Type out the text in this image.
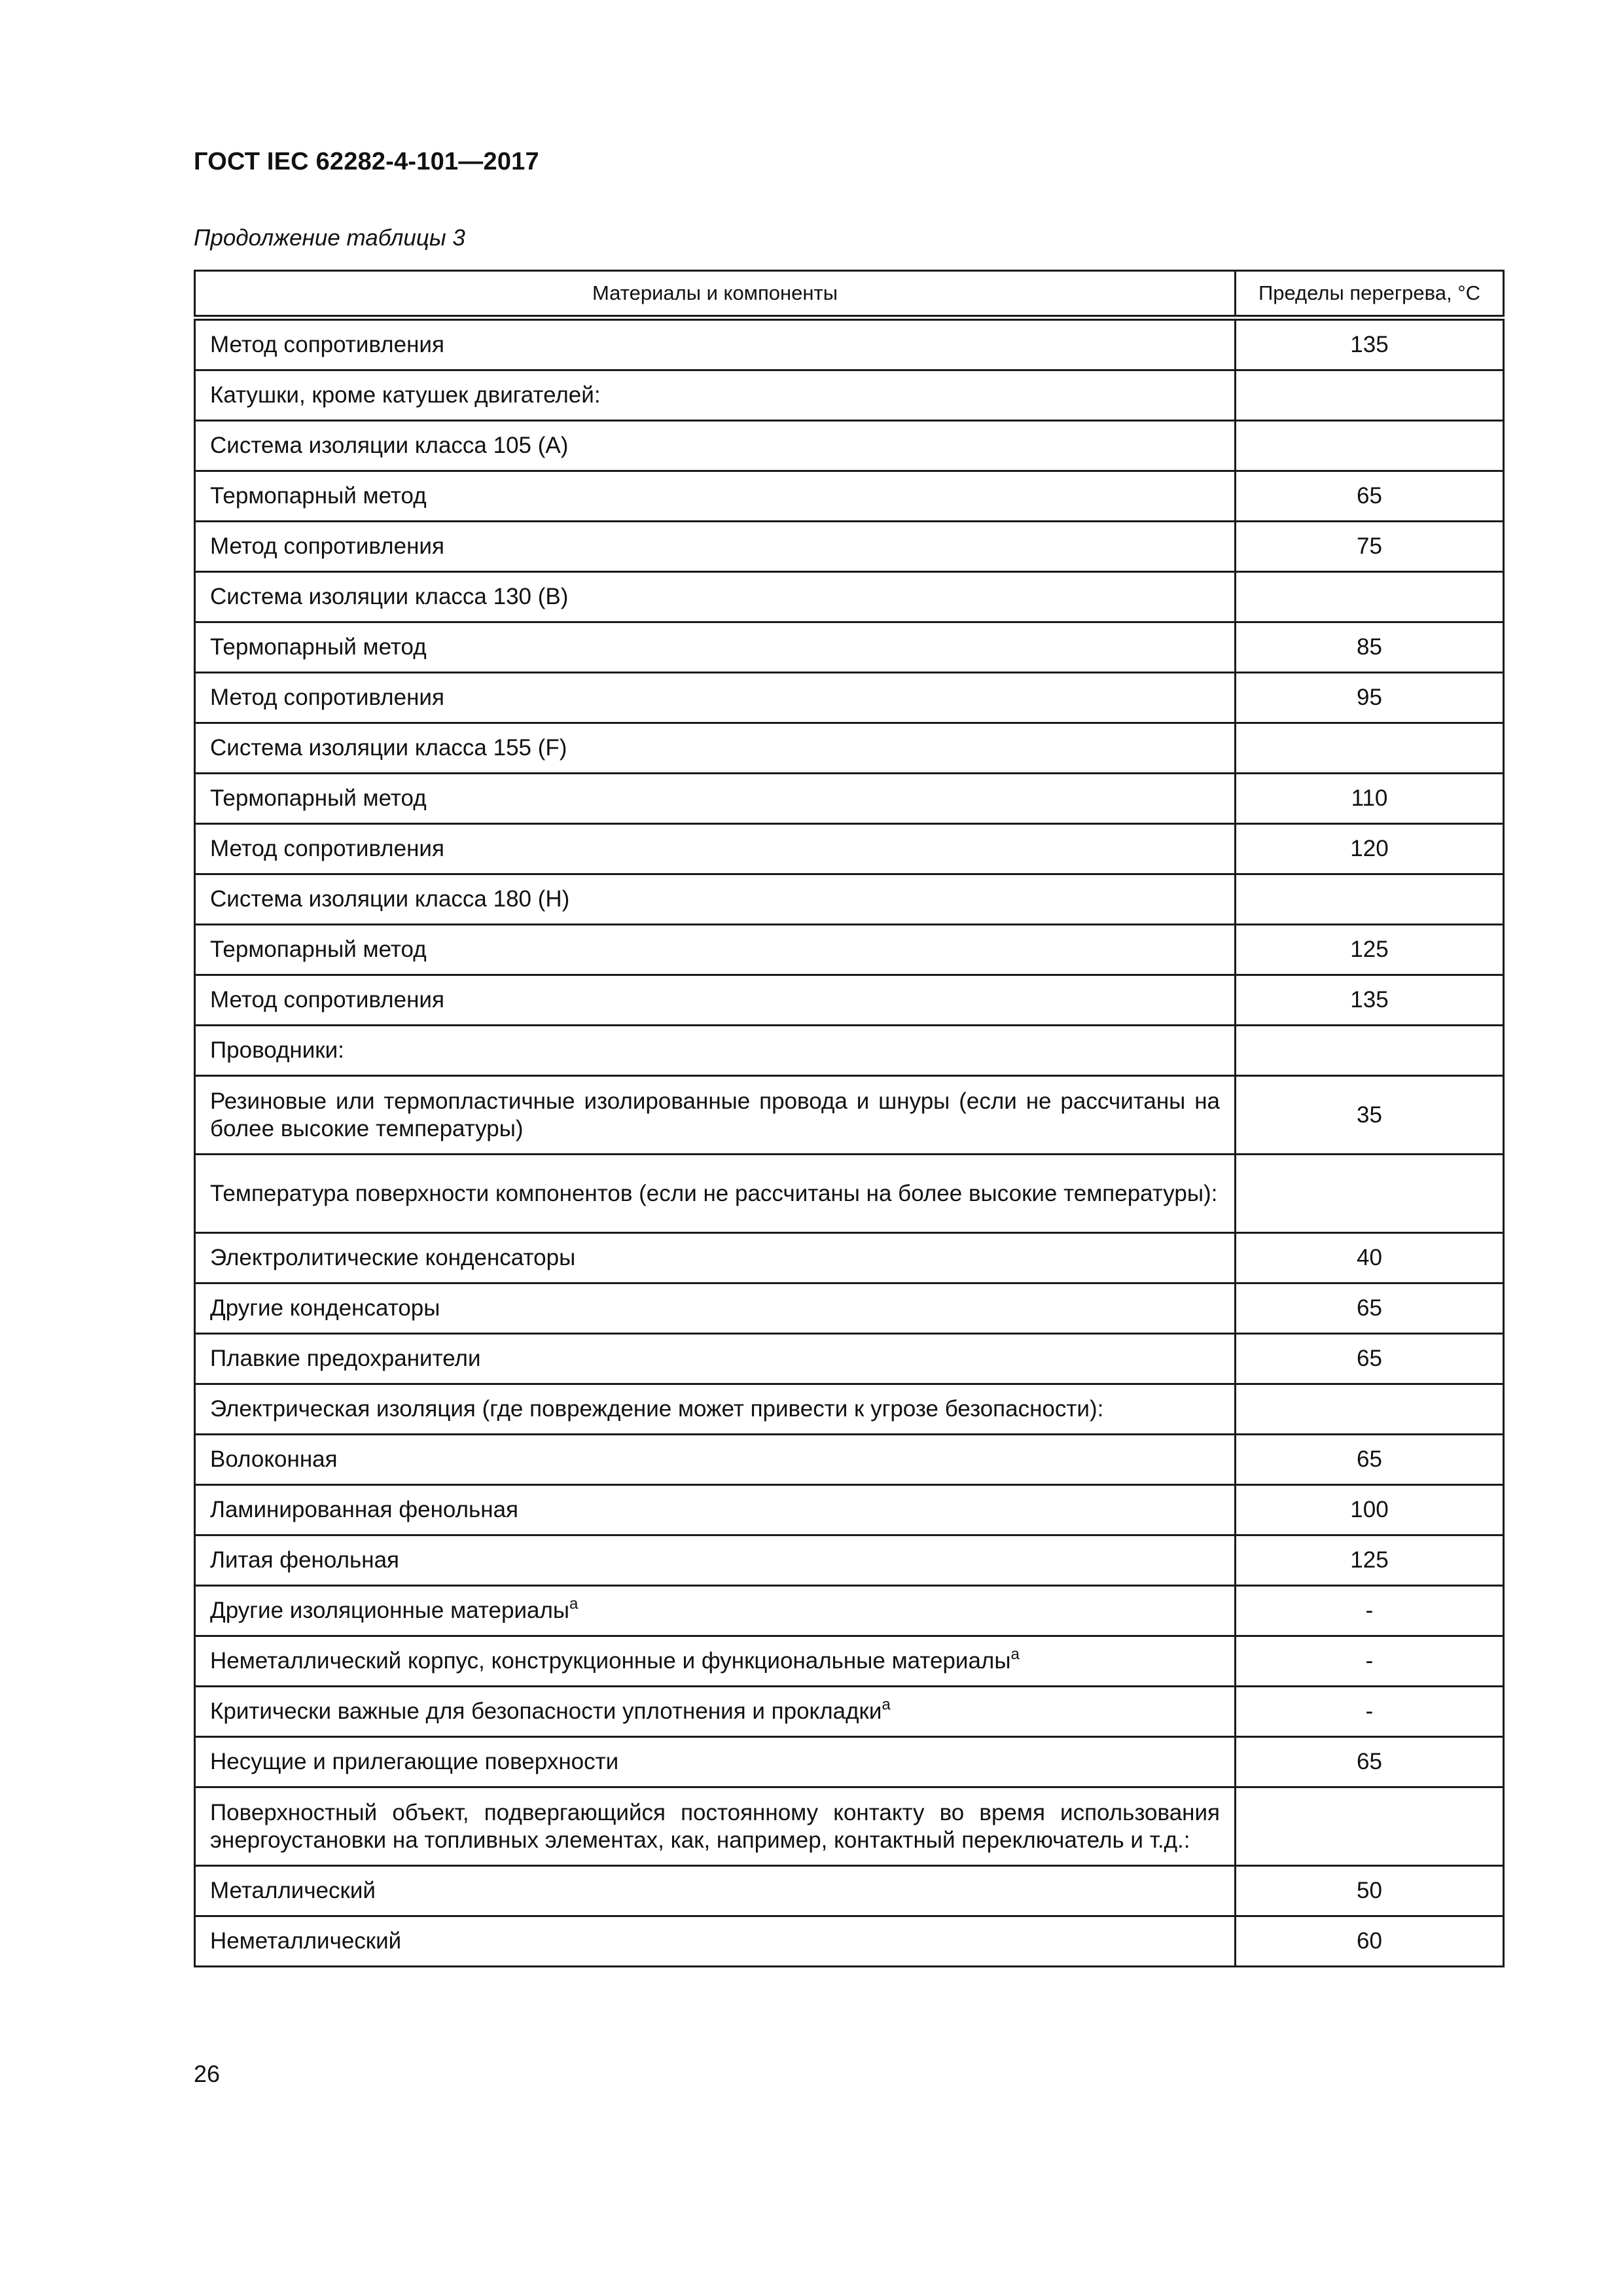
ГОСТ IEC 62282-4-101—2017
Продолжение таблицы 3
Материалы и компоненты	Пределы перегрева, °С
Метод сопротивления	135
Катушки, кроме катушек двигателей:	
Система изоляции класса 105 (А)	
Термопарный метод	65
Метод сопротивления	75
Система изоляции класса 130 (В)	
Термопарный метод	85
Метод сопротивления	95
Система изоляции класса 155 (F)	
Термопарный метод	110
Метод сопротивления	120
Система изоляции класса 180 (Н)	
Термопарный метод	125
Метод сопротивления	135
Проводники:	
Резиновые или термопластичные изолированные провода и шнуры (если не рассчитаны на более высокие температуры)	35
Температура поверхности компонентов (если не рассчитаны на более высокие температуры):	
Электролитические конденсаторы	40
Другие конденсаторы	65
Плавкие предохранители	65
Электрическая изоляция (где повреждение может привести к угрозе безопасности):	
Волоконная	65
Ламинированная фенольная	100
Литая фенольная	125
Другие изоляционные материалы$^a$	-
Неметаллический корпус, конструкционные и функциональные материалы$^a$	-
Критически важные для безопасности уплотнения и прокладки$^a$	-
Несущие и прилегающие поверхности	65
Поверхностный объект, подвергающийся постоянному контакту во время использования энергоустановки на топливных элементах, как, например, контактный переключатель и т.д.:	
Металлический	50
Неметаллический	60
26
